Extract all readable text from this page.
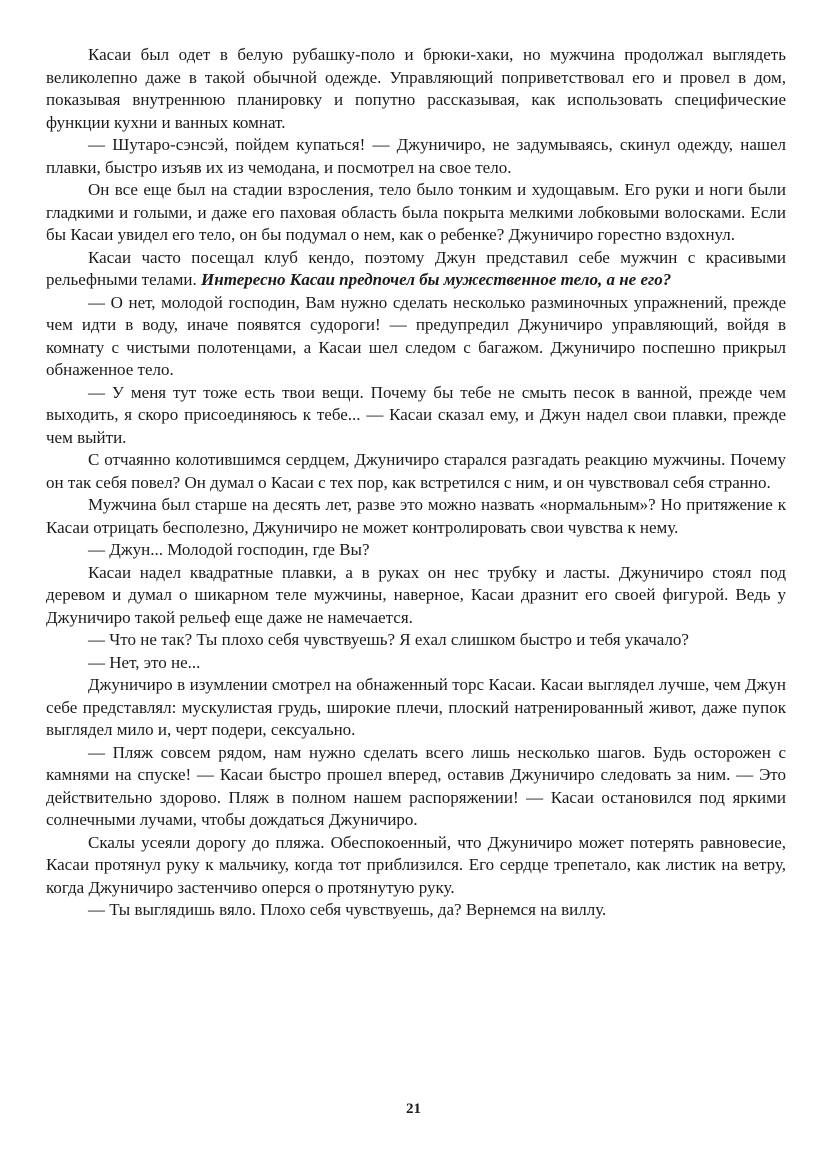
Касаи был одет в белую рубашку-поло и брюки-хаки, но мужчина продолжал выглядеть великолепно даже в такой обычной одежде. Управляющий поприветствовал его и провел в дом, показывая внутреннюю планировку и попутно рассказывая, как использовать специфические функции кухни и ванных комнат.

— Шутаро-сэнсэй, пойдем купаться! — Джуничиро, не задумываясь, скинул одежду, нашел плавки, быстро изъяв их из чемодана, и посмотрел на свое тело.

Он все еще был на стадии взросления, тело было тонким и худощавым. Его руки и ноги были гладкими и голыми, и даже его паховая область была покрыта мелкими лобковыми волосками. Если бы Касаи увидел его тело, он бы подумал о нем, как о ребенке? Джуничиро горестно вздохнул.

Касаи часто посещал клуб кендо, поэтому Джун представил себе мужчин с красивыми рельефными телами. Интересно Касаи предпочел бы мужественное тело, а не его?

— О нет, молодой господин, Вам нужно сделать несколько разминочных упражнений, прежде чем идти в воду, иначе появятся судороги! — предупредил Джуничиро управляющий, войдя в комнату с чистыми полотенцами, а Касаи шел следом с багажом. Джуничиро поспешно прикрыл обнаженное тело.

— У меня тут тоже есть твои вещи. Почему бы тебе не смыть песок в ванной, прежде чем выходить, я скоро присоединяюсь к тебе... — Касаи сказал ему, и Джун надел свои плавки, прежде чем выйти.

С отчаянно колотившимся сердцем, Джуничиро старался разгадать реакцию мужчины. Почему он так себя повел? Он думал о Касаи с тех пор, как встретился с ним, и он чувствовал себя странно.

Мужчина был старше на десять лет, разве это можно назвать «нормальным»? Но притяжение к Касаи отрицать бесполезно, Джуничиро не может контролировать свои чувства к нему.

— Джун... Молодой господин, где Вы?

Касаи надел квадратные плавки, а в руках он нес трубку и ласты. Джуничиро стоял под деревом и думал о шикарном теле мужчины, наверное, Касаи дразнит его своей фигурой. Ведь у Джуничиро такой рельеф еще даже не намечается.

— Что не так? Ты плохо себя чувствуешь? Я ехал слишком быстро и тебя укачало?

— Нет, это не...

Джуничиро в изумлении смотрел на обнаженный торс Касаи. Касаи выглядел лучше, чем Джун себе представлял: мускулистая грудь, широкие плечи, плоский натренированный живот, даже пупок выглядел мило и, черт подери, сексуально.

— Пляж совсем рядом, нам нужно сделать всего лишь несколько шагов. Будь осторожен с камнями на спуске! — Касаи быстро прошел вперед, оставив Джуничиро следовать за ним. — Это действительно здорово. Пляж в полном нашем распоряжении! — Касаи остановился под яркими солнечными лучами, чтобы дождаться Джуничиро.

Скалы усеяли дорогу до пляжа. Обеспокоенный, что Джуничиро может потерять равновесие, Касаи протянул руку к мальчику, когда тот приблизился. Его сердце трепетало, как листик на ветру, когда Джуничиро застенчиво оперся о протянутую руку.

— Ты выглядишь вяло. Плохо себя чувствуешь, да? Вернемся на виллу.

21
